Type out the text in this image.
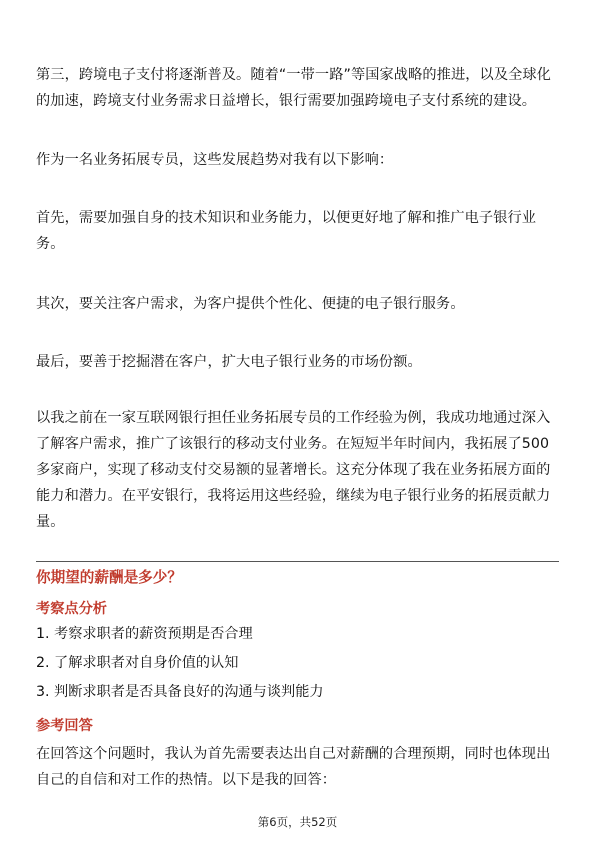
第三，跨境电子支付将逐渐普及。随着“一带一路”等国家战略的推进，以及全球化的加速，跨境支付业务需求日益增长，银行需要加强跨境电子支付系统的建设。

作为一名业务拓展专员，这些发展趋势对我有以下影响：

首先，需要加强自身的技术知识和业务能力，以便更好地了解和推广电子银行业务。

其次，要关注客户需求，为客户提供个性化、便捷的电子银行服务。

最后，要善于挖掘潜在客户，扩大电子银行业务的市场份额。

以我之前在一家互联网银行担任业务拓展专员的工作经验为例，我成功地通过深入了解客户需求，推广了该银行的移动支付业务。在短短半年时间内，我拓展了500多家商户，实现了移动支付交易额的显著增长。这充分体现了我在业务拓展方面的能力和潜力。在平安银行，我将运用这些经验，继续为电子银行业务的拓展贡献力量。

你期望的薪酬是多少？

考察点分析

1. 考察求职者的薪资预期是否合理

2. 了解求职者对自身价值的认知

3. 判断求职者是否具备良好的沟通与谈判能力

参考回答

在回答这个问题时，我认为首先需要表达出自己对薪酬的合理预期，同时也体现出自己的自信和对工作的热情。以下是我的回答：

第6页，共52页
